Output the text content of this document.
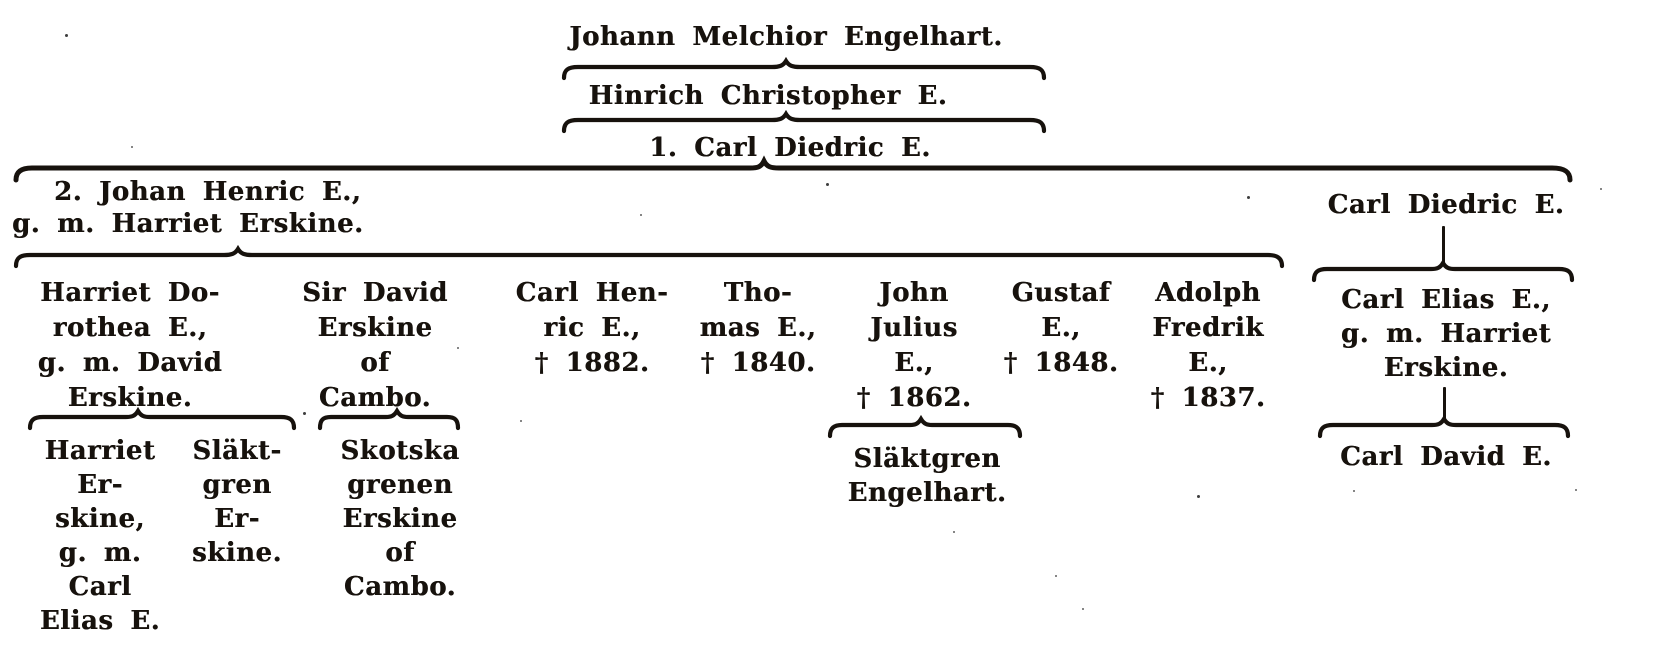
Johann Melchior Engelhart.
Hinrich Christopher E.
1. Carl Diedric E.
2. Johan Henric E.,
g. m. Harriet Erskine.
Carl Diedric E.
Harriet Do-
rothea E.,
g. m. David
Erskine.
Sir David
Erskine
of
Cambo.
Carl Hen-
ric E.,
† 1882.
Tho-
mas E.,
† 1840.
John
Julius
E.,
† 1862.
Gustaf
E.,
† 1848.
Adolph
Fredrik
E.,
† 1837.
Carl Elias E.,
g. m. Harriet
Erskine.
Harriet
Er-
skine,
g. m.
Carl
Elias E.
Släkt-
gren
Er-
skine.
Skotska
grenen
Erskine
of
Cambo.
Släktgren
Engelhart.
Carl David E.
